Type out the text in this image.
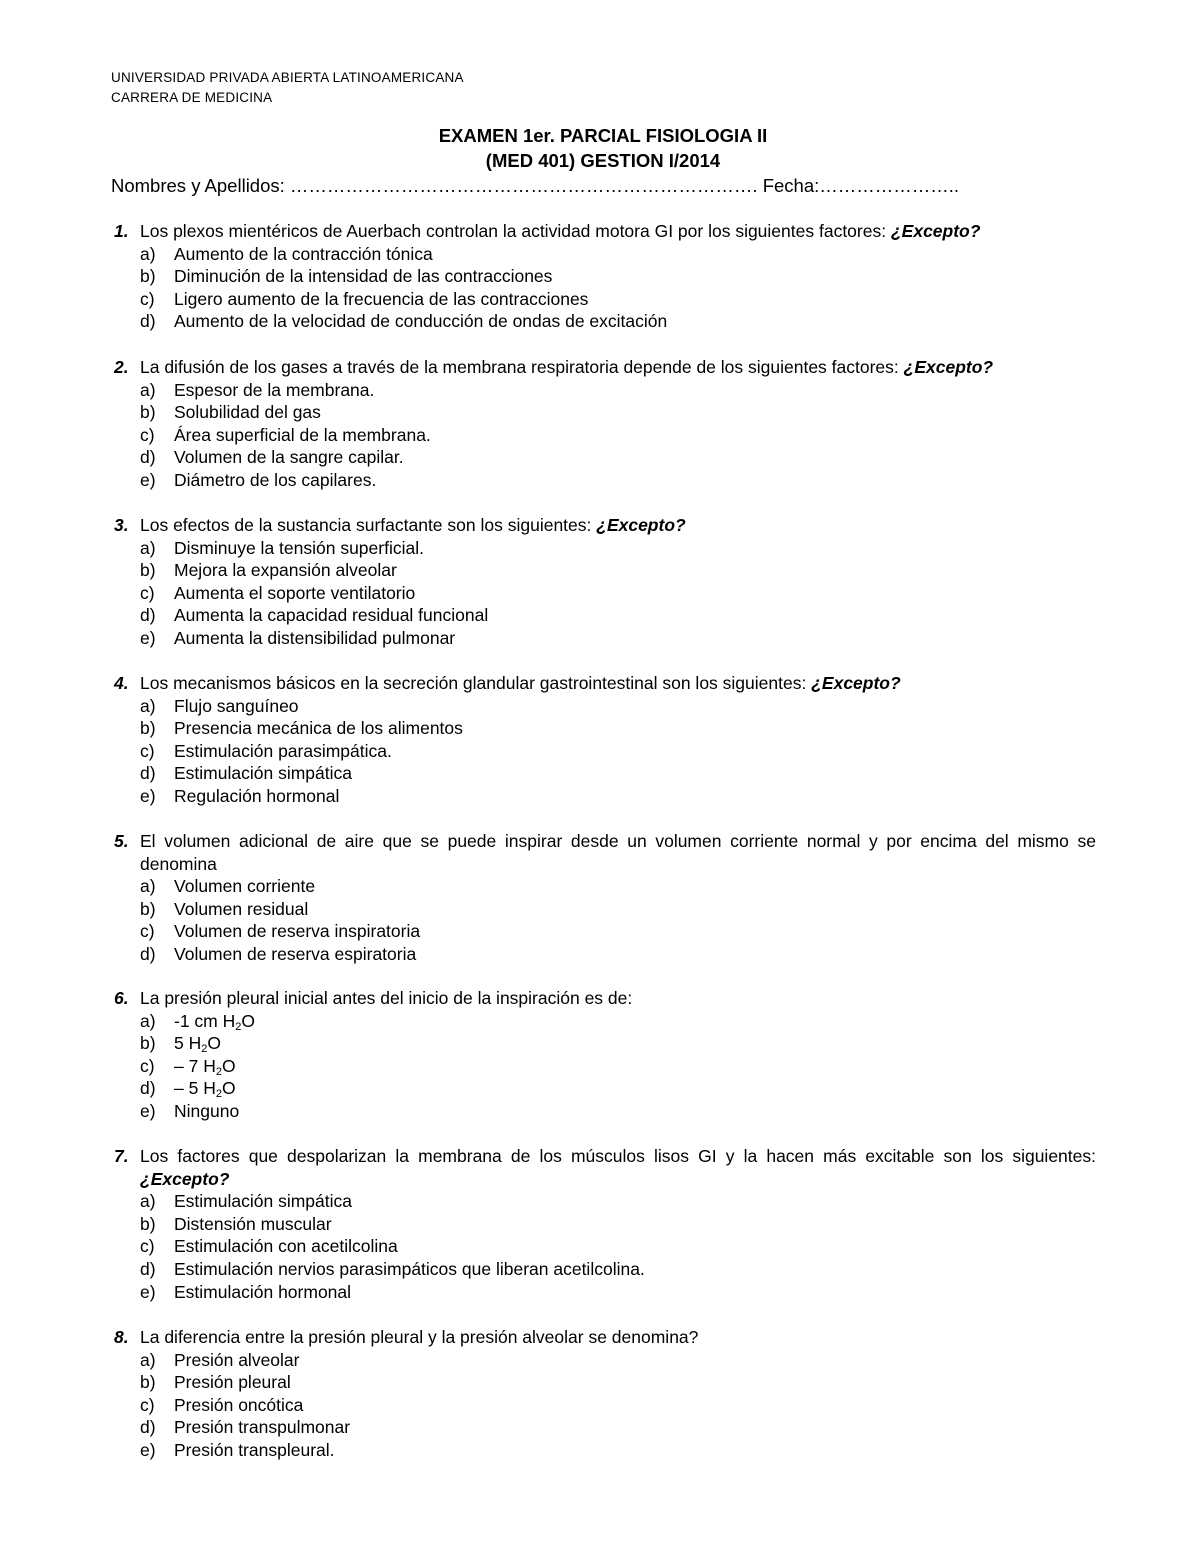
UNIVERSIDAD PRIVADA ABIERTA LATINOAMERICANA
CARRERA DE MEDICINA
EXAMEN 1er. PARCIAL FISIOLOGIA II
(MED 401) GESTION I/2014
Nombres y Apellidos: …………………………………………………………………. Fecha:…………………..
1. Los plexos mientéricos de Auerbach controlan la actividad motora GI por los siguientes factores: ¿Excepto?
a) Aumento de la contracción tónica
b) Diminución de la intensidad de las contracciones
c) Ligero aumento de la frecuencia de las contracciones
d) Aumento de la velocidad de conducción de ondas de excitación
2. La difusión de los gases a través de la membrana respiratoria depende de los siguientes factores: ¿Excepto?
a) Espesor de la membrana.
b) Solubilidad del gas
c) Área superficial de la membrana.
d) Volumen de la sangre capilar.
e) Diámetro de los capilares.
3. Los efectos de la sustancia surfactante son los siguientes: ¿Excepto?
a) Disminuye la tensión superficial.
b) Mejora la expansión alveolar
c) Aumenta el soporte ventilatorio
d) Aumenta la capacidad residual funcional
e) Aumenta la distensibilidad pulmonar
4. Los mecanismos básicos en la secreción glandular gastrointestinal son los siguientes: ¿Excepto?
a) Flujo sanguíneo
b) Presencia mecánica de los alimentos
c) Estimulación parasimpática.
d) Estimulación simpática
e) Regulación hormonal
5. El volumen adicional de aire que se puede inspirar desde un volumen corriente normal y por encima del mismo se denomina
a) Volumen corriente
b) Volumen residual
c) Volumen de reserva inspiratoria
d) Volumen de reserva espiratoria
6. La presión pleural inicial antes del inicio de la inspiración es de:
a) -1 cm $H_2O$
b) 5 $H_2O$
c) – 7 $H_2O$
d) – 5 $H_2O$
e) Ninguno
7. Los factores que despolarizan la membrana de los músculos lisos GI y la hacen más excitable son los siguientes: ¿Excepto?
a) Estimulación simpática
b) Distensión muscular
c) Estimulación con acetilcolina
d) Estimulación nervios parasimpáticos que liberan acetilcolina.
e) Estimulación hormonal
8. La diferencia entre la presión pleural y la presión alveolar se denomina?
a) Presión alveolar
b) Presión pleural
c) Presión oncótica
d) Presión transpulmonar
e) Presión transpleural.
